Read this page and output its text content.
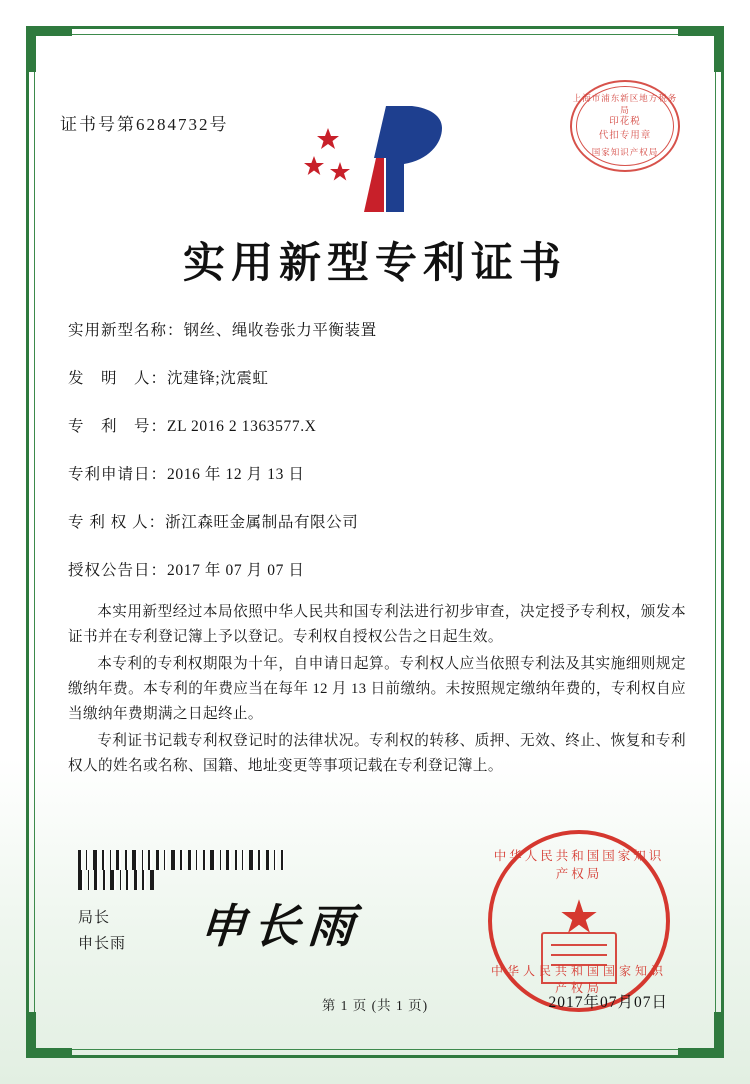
证书号第6284732号
上海市浦东新区地方税务局
印花税
代扣专用章
国家知识产权局
实用新型专利证书
实用新型名称： 钢丝、绳收卷张力平衡装置
发　明　人： 沈建锋;沈震虹
专　利　号： ZL 2016 2 1363577.X
专利申请日： 2016 年 12 月 13 日
专 利 权 人： 浙江森旺金属制品有限公司
授权公告日： 2017 年 07 月 07 日

本实用新型经过本局依照中华人民共和国专利法进行初步审查，决定授予专利权，颁发本证书并在专利登记簿上予以登记。专利权自授权公告之日起生效。

本专利的专利权期限为十年，自申请日起算。专利权人应当依照专利法及其实施细则规定缴纳年费。本专利的年费应当在每年 12 月 13 日前缴纳。未按照规定缴纳年费的，专利权自应当缴纳年费期满之日起终止。

专利证书记载专利权登记时的法律状况。专利权的转移、质押、无效、终止、恢复和专利权人的姓名或名称、国籍、地址变更等事项记载在专利登记簿上。

局长
申长雨 申长雨
中华人民共和国国家知识产权局
★
中华人民共和国国家知识产权局
2017年07月07日
第 1 页 (共 1 页)
